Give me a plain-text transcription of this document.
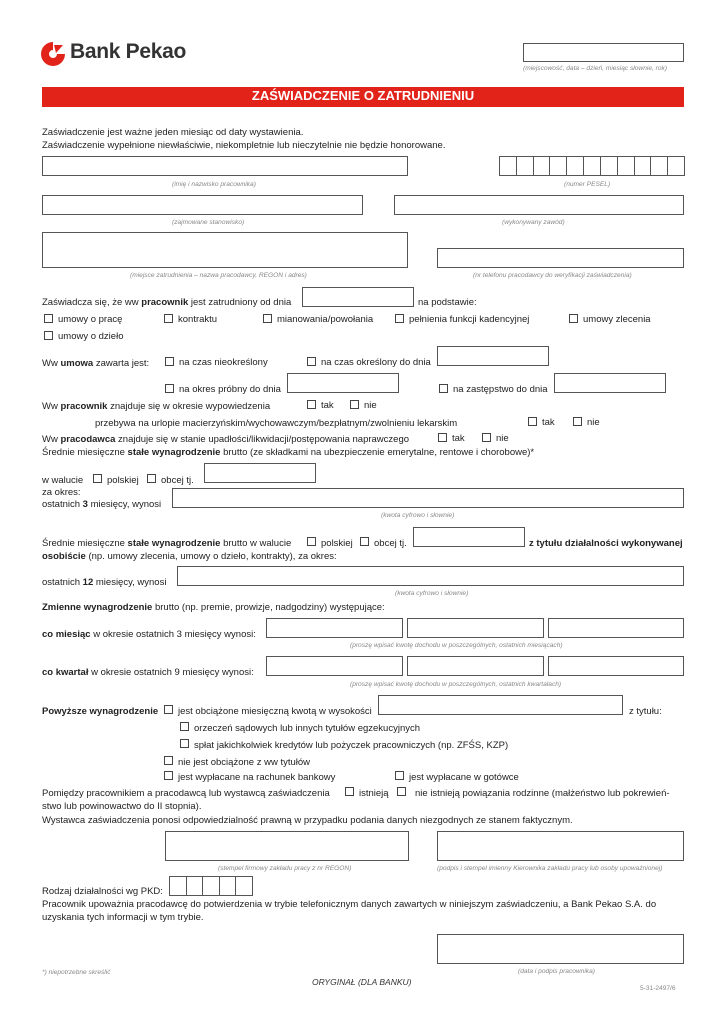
Bank Pekao
(miejscowość, data – dzień, miesiąc słownie, rok)
ZAŚWIADCZENIE O ZATRUDNIENIU
Zaświadczenie jest ważne jeden miesiąc od daty wystawienia.
Zaświadczenie wypełnione niewłaściwie, niekompletnie lub nieczytelnie nie będzie honorowane.
(imię i nazwisko pracownika)	(numer PESEL)
(zajmowane stanowisko)	(wykonywany zawód)
(miejsce zatrudnienia – nazwa pracodawcy, REGON i adres)	(nr telefonu pracodawcy do weryfikacji zaświadczenia)
Zaświadcza się, że ww pracownik jest zatrudniony od dnia	na podstawie:
umowy o pracę	kontraktu	mianowania/powołania	pełnienia funkcji kadencyjnej	umowy zlecenia
umowy o dzieło
Ww umowa zawarta jest:	na czas nieokreślony	na czas określony do dnia
na okres próbny do dnia	na zastępstwo do dnia
Ww pracownik znajduje się w okresie wypowiedzenia	tak	nie
przebywa na urlopie macierzyńskim/wychowawczym/bezpłatnym/zwolnieniu lekarskim	tak	nie
Ww pracodawca znajduje się w stanie upadłości/likwidacji/postępowania naprawczego	tak	nie
Średnie miesięczne stałe wynagrodzenie brutto (ze składkami na ubezpieczenie emerytalne, rentowe i chorobowe)*
w walucie	polskiej obcej tj.
za okres:
ostatnich 3 miesięcy, wynosi
(kwota cyfrowo i słownie)
Średnie miesięczne stałe wynagrodzenie brutto w walucie	polskiej obcej tj.	z tytułu działalności wykonywanej
osobiście (np. umowy zlecenia, umowy o dzieło, kontrakty), za okres:
ostatnich 12 miesięcy, wynosi
(kwota cyfrowo i słownie)
Zmienne wynagrodzenie brutto (np. premie, prowizje, nadgodziny) występujące:
co miesiąc w okresie ostatnich 3 miesięcy wynosi:
(proszę wpisać kwotę dochodu w poszczególnych, ostatnich miesiącach)
co kwartał w okresie ostatnich 9 miesięcy wynosi:
(proszę wpisać kwotę dochodu w poszczególnych, ostatnich kwartałach)
Powyższe wynagrodzenie jest obciążone miesięczną kwotą w wysokości	z tytułu:
orzeczeń sądowych lub innych tytułów egzekucyjnych
spłat jakichkolwiek kredytów lub pożyczek pracowniczych (np. ZFŚS, KZP)
nie jest obciążone z ww tytułów
jest wypłacane na rachunek bankowy	jest wypłacane w gotówce
Pomiędzy pracownikiem a pracodawcą lub wystawcą zaświadczenia	istnieją	nie istnieją powiązania rodzinne (małżeństwo lub pokrewień-
stwo lub powinowactwo do II stopnia).
Wystawca zaświadczenia ponosi odpowiedzialność prawną w przypadku podania danych niezgodnych ze stanem faktycznym.
(stempel firmowy zakładu pracy z nr REGON)	(podpis i stempel imienny Kierownika zakładu pracy lub osoby upoważnionej)
Rodzaj działalności wg PKD:
Pracownik upoważnia pracodawcę do potwierdzenia w trybie telefonicznym danych zawartych w niniejszym zaświadczeniu, a Bank Pekao S.A. do
uzyskania tych informacji w tym trybie.
(data i podpis pracownika)
*) niepotrzebne skreślić
ORYGINAŁ (DLA BANKU)
5-31-2497/6
